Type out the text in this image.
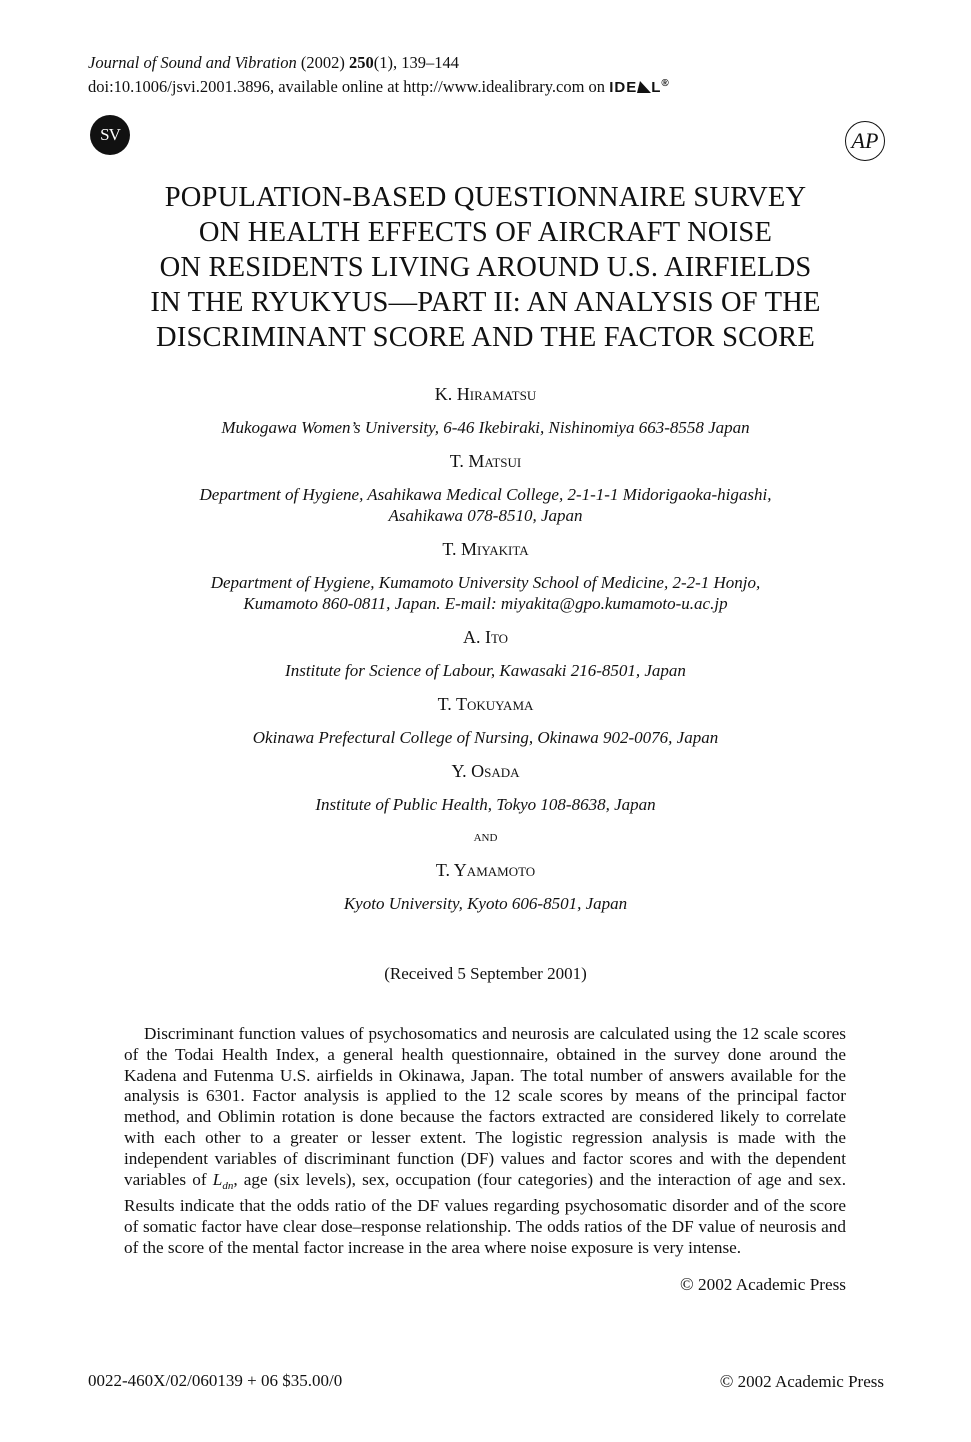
Journal of Sound and Vibration (2002) 250(1), 139–144
doi:10.1006/jsvi.2001.3896, available online at http://www.idealibrary.com on IDE L®
SV	AP
POPULATION-BASED QUESTIONNAIRE SURVEY
ON HEALTH EFFECTS OF AIRCRAFT NOISE
ON RESIDENTS LIVING AROUND U.S. AIRFIELDS
IN THE RYUKYUS—PART II: AN ANALYSIS OF THE
DISCRIMINANT SCORE AND THE FACTOR SCORE

K. Hiramatsu

Mukogawa Women’s University, 6-46 Ikebiraki, Nishinomiya 663-8558 Japan

T. Matsui

Department of Hygiene, Asahikawa Medical College, 2-1-1-1 Midorigaoka-higashi,
Asahikawa 078-8510, Japan

T. Miyakita

Department of Hygiene, Kumamoto University School of Medicine, 2-2-1 Honjo,
Kumamoto 860-0811, Japan. E-mail: miyakita@gpo.kumamoto-u.ac.jp

A. Ito

Institute for Science of Labour, Kawasaki 216-8501, Japan

T. Tokuyama

Okinawa Prefectural College of Nursing, Okinawa 902-0076, Japan

Y. Osada

Institute of Public Health, Tokyo 108-8638, Japan

and

T. Yamamoto

Kyoto University, Kyoto 606-8501, Japan

(Received 5 September 2001)
Discriminant function values of psychosomatics and neurosis are calculated using the 12 scale scores of the Todai Health Index, a general health questionnaire, obtained in the survey done around the Kadena and Futenma U.S. airfields in Okinawa, Japan. The total number of answers available for the analysis is 6301. Factor analysis is applied to the 12 scale scores by means of the principal factor method, and Oblimin rotation is done because the factors extracted are considered likely to correlate with each other to a greater or lesser extent. The logistic regression analysis is made with the independent variables of discriminant function (DF) values and factor scores and with the dependent variables of $L_{dn}$, age (six levels), sex, occupation (four categories) and the interaction of age and sex. Results indicate that the odds ratio of the DF values regarding psychosomatic disorder and of the score of somatic factor have clear dose–response relationship. The odds ratios of the DF value of neurosis and of the score of the mental factor increase in the area where noise exposure is very intense.
© 2002 Academic Press
0022-460X/02/060139 + 06 $35.00/0	© 2002 Academic Press
